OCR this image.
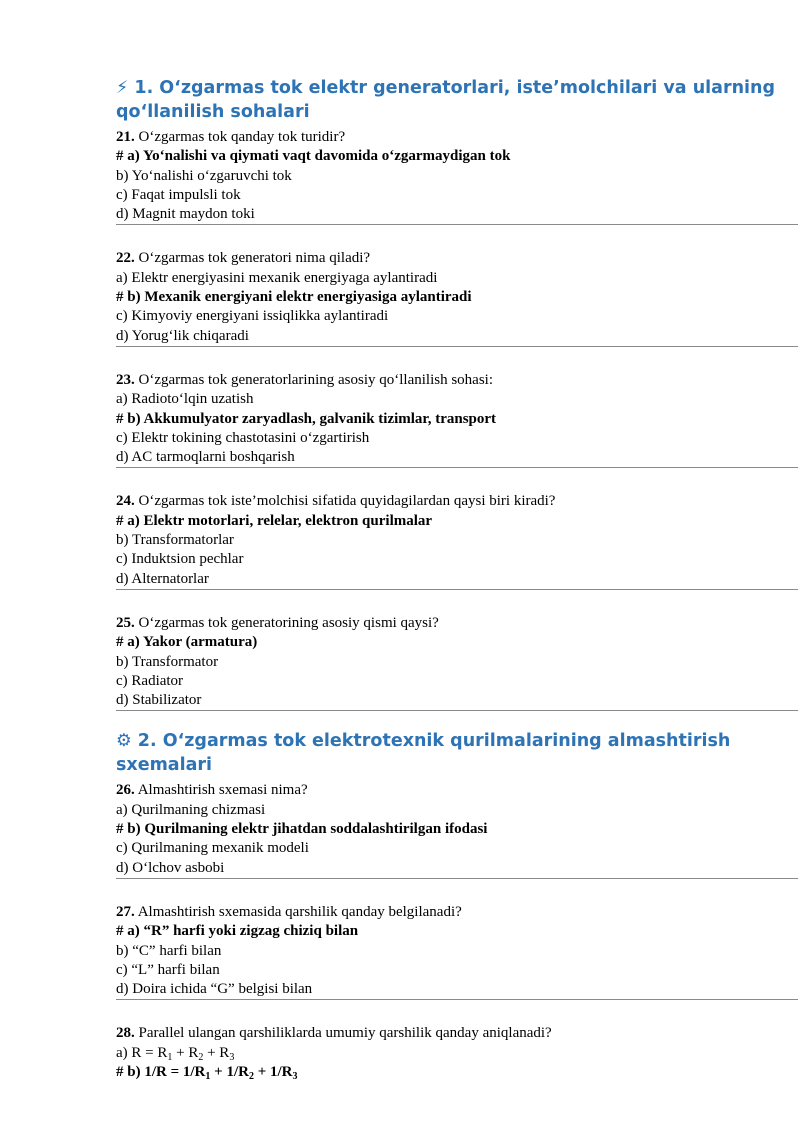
⚡ 1. O‘zgarmas tok elektr generatorlari, iste’molchilari va ularning qo‘llanilish sohalari

21. O‘zgarmas tok qanday tok turidir?

# a) Yo‘nalishi va qiymati vaqt davomida o‘zgarmaydigan tok

b) Yo‘nalishi o‘zgaruvchi tok

c) Faqat impulsli tok

d) Magnit maydon toki

22. O‘zgarmas tok generatori nima qiladi?

a) Elektr energiyasini mexanik energiyaga aylantiradi

# b) Mexanik energiyani elektr energiyasiga aylantiradi

c) Kimyoviy energiyani issiqlikka aylantiradi

d) Yorug‘lik chiqaradi

23. O‘zgarmas tok generatorlarining asosiy qo‘llanilish sohasi:

a) Radioto‘lqin uzatish

# b) Akkumulyator zaryadlash, galvanik tizimlar, transport

c) Elektr tokining chastotasini o‘zgartirish

d) AC tarmoqlarni boshqarish

24. O‘zgarmas tok iste’molchisi sifatida quyidagilardan qaysi biri kiradi?

# a) Elektr motorlari, relelar, elektron qurilmalar

b) Transformatorlar

c) Induktsion pechlar

d) Alternatorlar

25. O‘zgarmas tok generatorining asosiy qismi qaysi?

# a) Yakor (armatura)

b) Transformator

c) Radiator

d) Stabilizator

⚙ 2. O‘zgarmas tok elektrotexnik qurilmalarining almashtirish sxemalari

26. Almashtirish sxemasi nima?

a) Qurilmaning chizmasi

# b) Qurilmaning elektr jihatdan soddalashtirilgan ifodasi

c) Qurilmaning mexanik modeli

d) O‘lchov asbobi

27. Almashtirish sxemasida qarshilik qanday belgilanadi?

# a) “R” harfi yoki zigzag chiziq bilan

b) “C” harfi bilan

c) “L” harfi bilan

d) Doira ichida “G” belgisi bilan

28. Parallel ulangan qarshiliklarda umumiy qarshilik qanday aniqlanadi?

a) $R = R_1 + R_2 + R_3$

# b) $1/R = 1/R_1 + 1/R_2 + 1/R_3$
